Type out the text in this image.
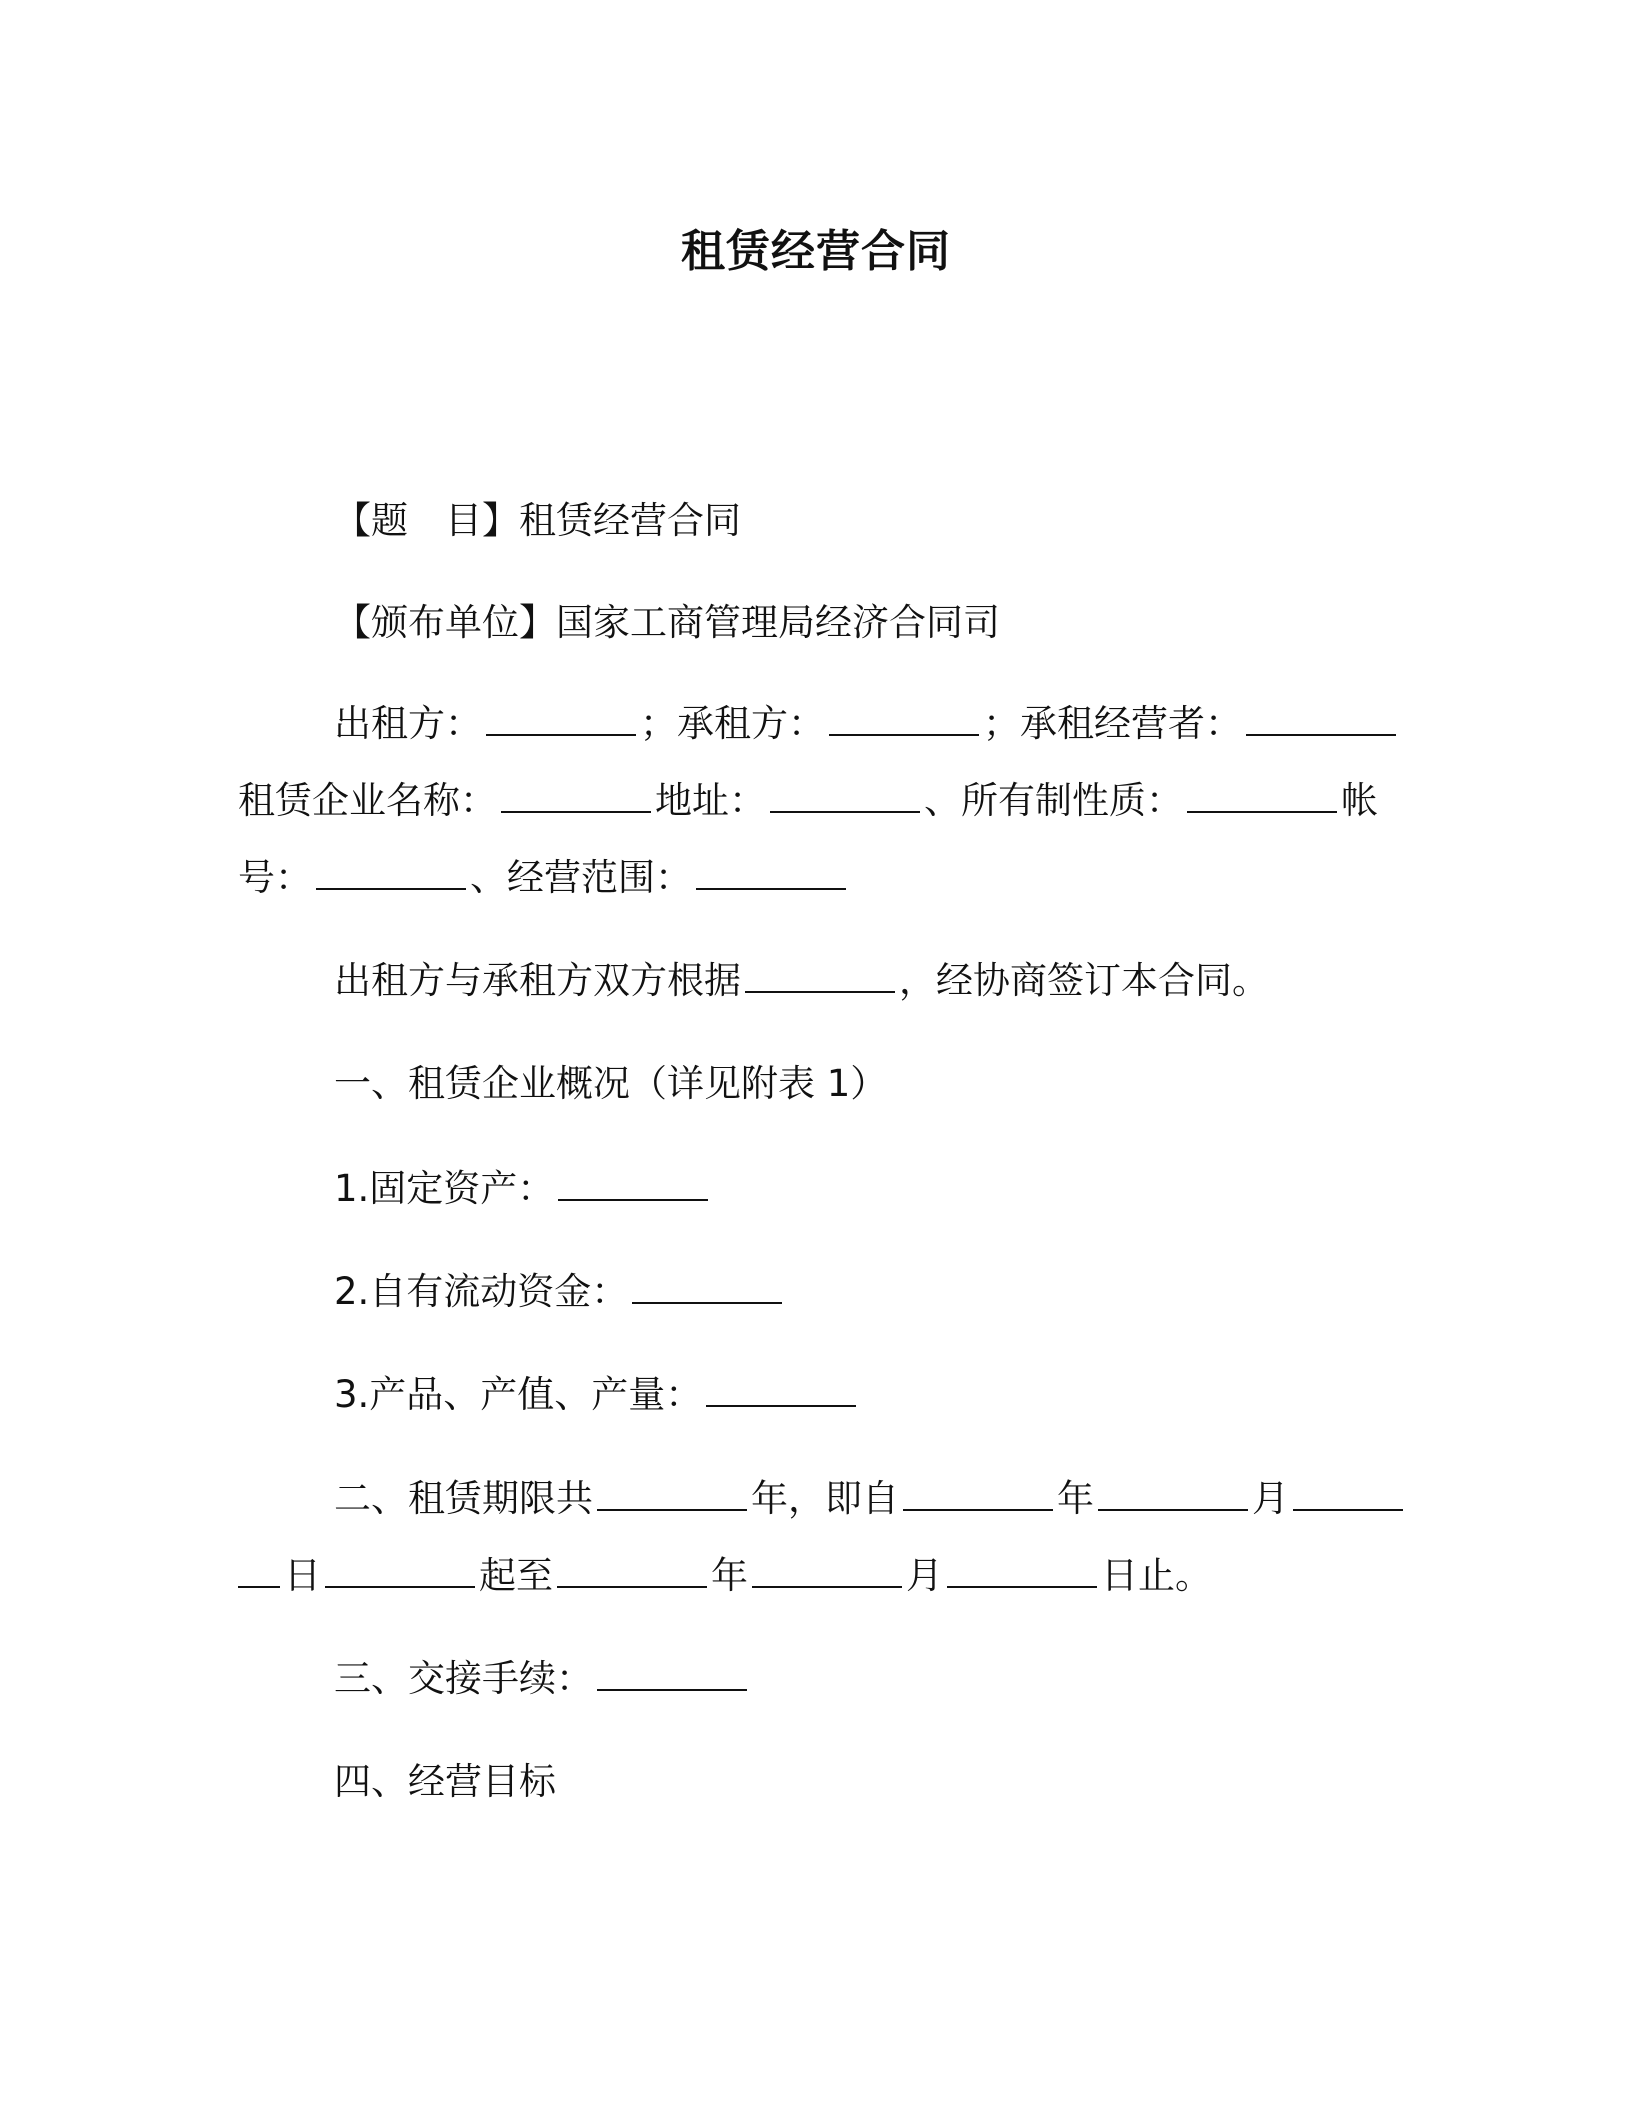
租赁经营合同
【题　目】租赁经营合同
【颁布单位】国家工商管理局经济合同司
出租方：	；承租方：	；承租经营者：
租赁企业名称：	地址：	、所有制性质：	帐
号：	、经营范围：
出租方与承租方双方根据	，经协商签订本合同。
一、租赁企业概况（详见附表 1）
1.固定资产：
2.自有流动资金：
3.产品、产值、产量：
二、租赁期限共	年，即自	年	月
日	起至	年	月	日止。
三、交接手续：
四、经营目标
